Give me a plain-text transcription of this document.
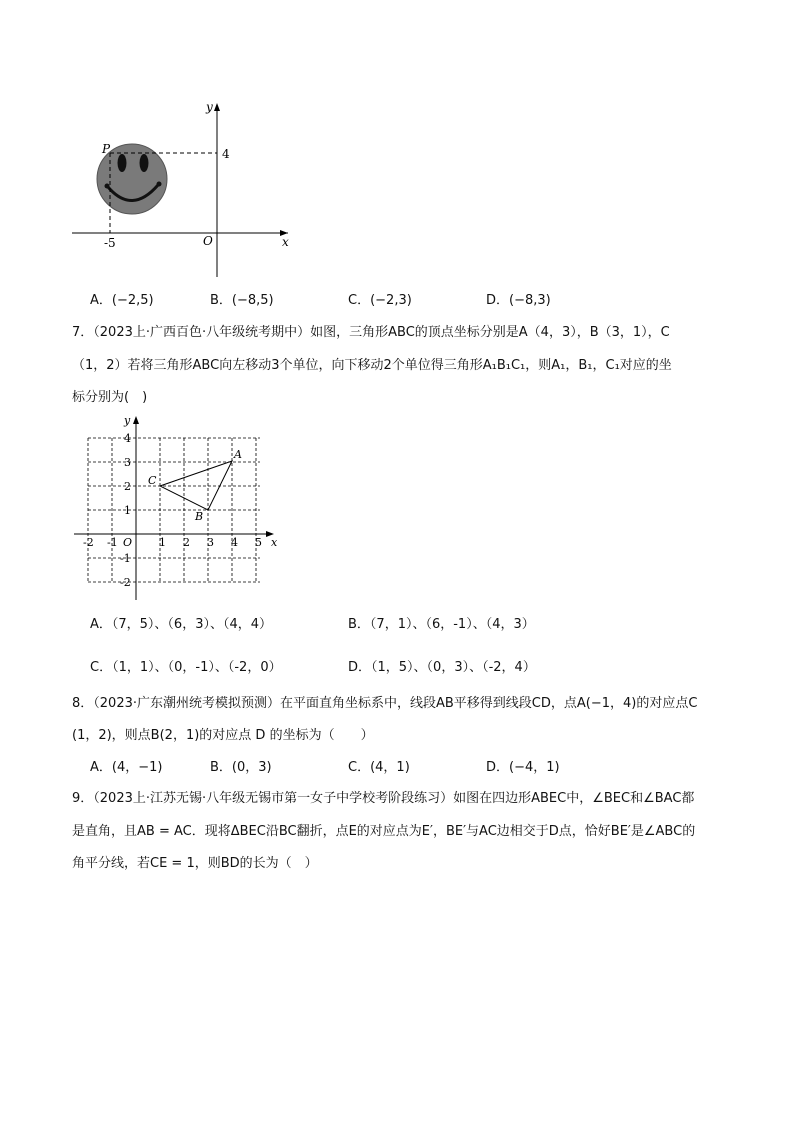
y
x
P	4
-5	O
A．(−2,5)	B．(−8,5)	C．(−2,3)	D．(−8,3)
7．（2023上·广西百色·八年级统考期中）如图，三角形ABC的顶点坐标分别是A（4，3），B（3，1），C
（1，2）若将三角形ABC向左移动3个单位，向下移动2个单位得三角形A₁B₁C₁，则A₁，B₁，C₁对应的坐
标分别为(　)
-2 -1	1 2 3 4 5
4
3
2
1
-1
-2
y
x
O
A
B
C
A．（7，5）、（6，3）、（4，4）	B．（7，1）、（6，-1）、（4，3）
C．（1，1）、（0，-1）、（-2，0）	D．（1，5）、（0，3）、（-2，4）
8．（2023·广东潮州统考模拟预测）在平面直角坐标系中，线段AB平移得到线段CD，点A(−1，4)的对应点C
(1，2)，则点B(2，1)的对应点 D 的坐标为（　　）
A．(4，−1)	B．(0，3)	C．(4，1)	D．(−4，1)
9．（2023上·江苏无锡·八年级无锡市第一女子中学校考阶段练习）如图在四边形ABEC中，∠BEC和∠BAC都
是直角，且AB = AC．现将ΔBEC沿BC翻折，点E的对应点为E′，BE′与AC边相交于D点，恰好BE′是∠ABC的
角平分线，若CE = 1，则BD的长为（　）
